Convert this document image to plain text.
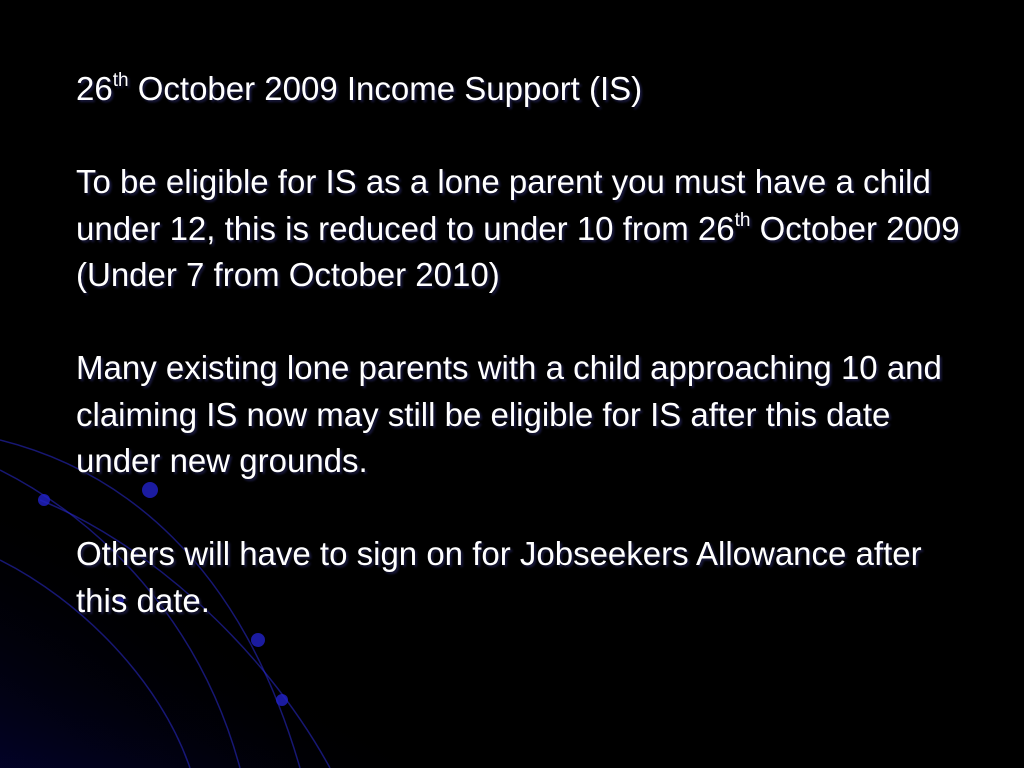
26th October 2009 Income Support (IS)

To be eligible for IS as a lone parent you must have a child under 12, this is reduced to under 10 from 26th October 2009 (Under 7 from October 2010)

Many existing lone parents with a child approaching 10 and claiming IS now may still be eligible for IS after this date under new grounds.

Others will have to sign on for Jobseekers Allowance after this date.
